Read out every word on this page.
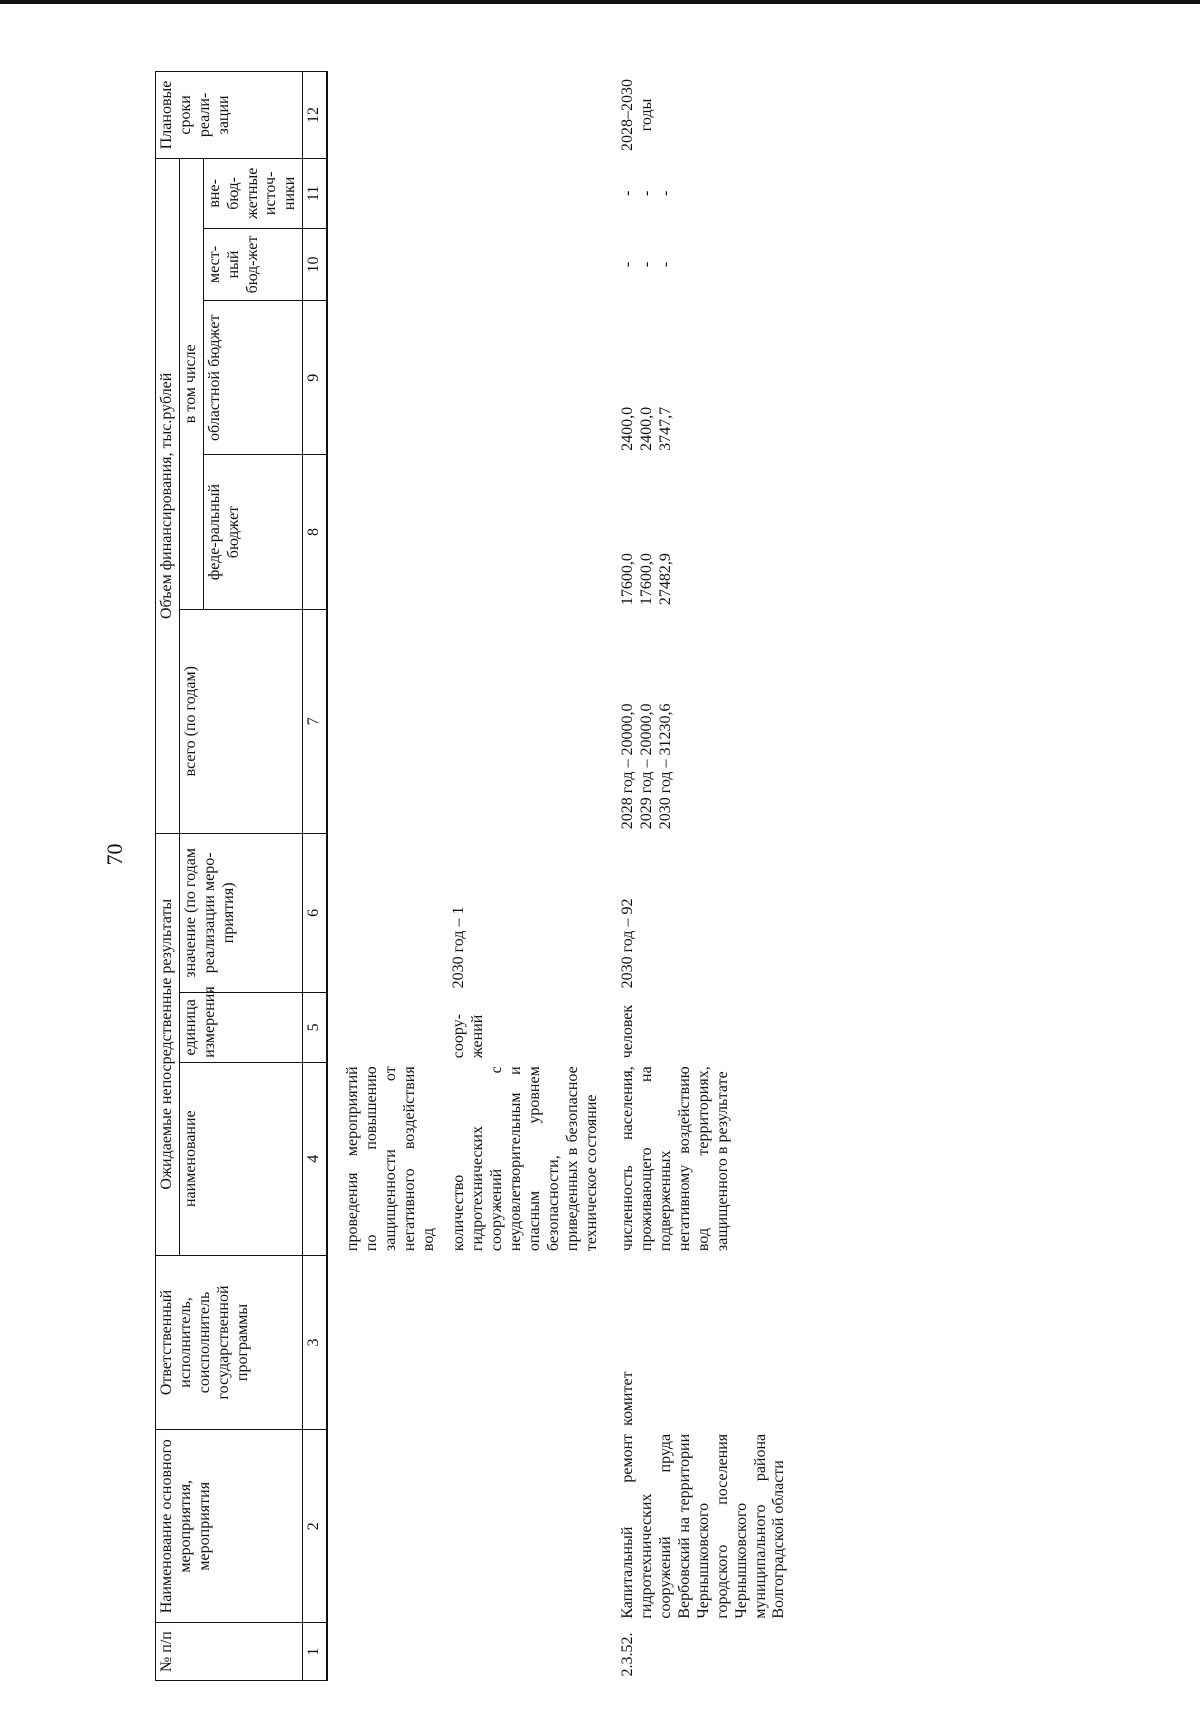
70
№ п/п	Наименование основного мероприятия, мероприятия	Ответственный исполнитель, соисполнитель государственной программы	Ожидаемые непосредственные результаты			Объем финансирования, тыс.рублей					Плановые сроки реали-зации
			наименование	единица измерения	значение (по годам реализации меро-приятия)	всего (по годам)	в том числе				
							феде-ральный бюджет	областной бюджет	мест-ный бюд-жет	вне-бюд-жетные источ-ники	
1	2	3	4	5	6	7	8	9	10	11	12

			проведения мероприятий по повышению защищенности от негативного воздействия вод количество гидротехнических сооружений с неудовлетворительным и опасным уровнем безопасности, приведенных в безопасное техническое состояние	соору-жений	2030 год – 1						

2.3.52.	Капитальный ремонт гидротехнических сооружений пруда Вербовский на территории Чернышковского городского поселения Чернышковского муниципального района Волгоградской области	комитет	численность населения, проживающего на подверженных негативному воздействию вод территориях, защищенного в результате	человек	2030 год – 92	2028 год – 20000,0 2029 год – 20000,0 2030 год – 31230,6	17600,0 17600,0 27482,9	2400,0 2400,0 3747,7	- - -	- - -	2028–2030 годы
